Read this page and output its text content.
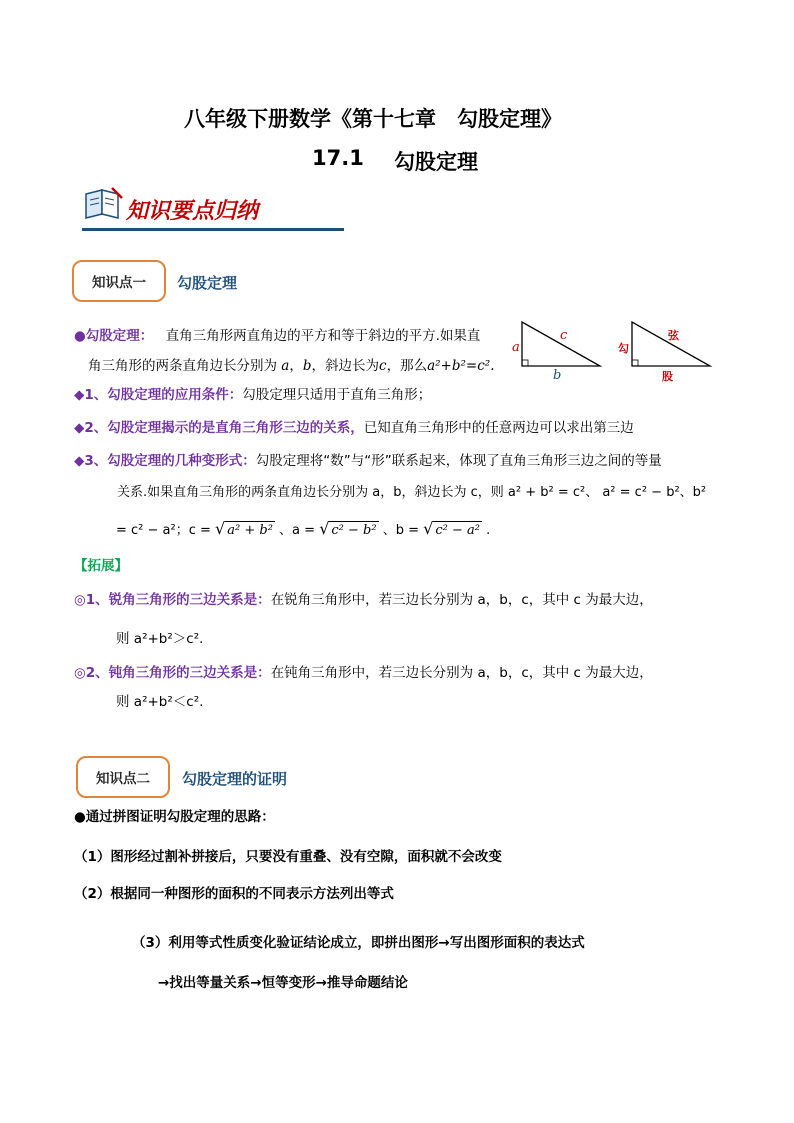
八年级下册数学《第十七章　勾股定理》
17.1 勾股定理
知识要点归纳
知识点一 勾股定理
●勾股定理： 直角三角形两直角边的平方和等于斜边的平方.如果直
角三角形的两条直角边长分别为 a，b，斜边长为c，那么a²+b²=c².
a
b
c
勾
股
弦
◆1、勾股定理的应用条件：勾股定理只适用于直角三角形；
◆2、勾股定理揭示的是直角三角形三边的关系，已知直角三角形中的任意两边可以求出第三边
◆3、勾股定理的几种变形式：勾股定理将“数”与“形”联系起来，体现了直角三角形三边之间的等量
关系.如果直角三角形的两条直角边长分别为 a，b，斜边长为 c，则 a² + b² = c²、 a² = c² − b²、b²
= c² − a²；c = √ a² + b² 、a = √ c² − b² 、b = √ c² − a² .
【拓展】
◎1、锐角三角形的三边关系是：在锐角三角形中，若三边长分别为 a，b，c，其中 c 为最大边，
则 a²+b²＞c².
◎2、钝角三角形的三边关系是：在钝角三角形中，若三边长分别为 a，b，c，其中 c 为最大边，
则 a²+b²＜c².
知识点二 勾股定理的证明
●通过拼图证明勾股定理的思路：
（1）图形经过割补拼接后，只要没有重叠、没有空隙，面积就不会改变
（2）根据同一种图形的面积的不同表示方法列出等式
（3）利用等式性质变化验证结论成立，即拼出图形→写出图形面积的表达式
→找出等量关系→恒等变形→推导命题结论
